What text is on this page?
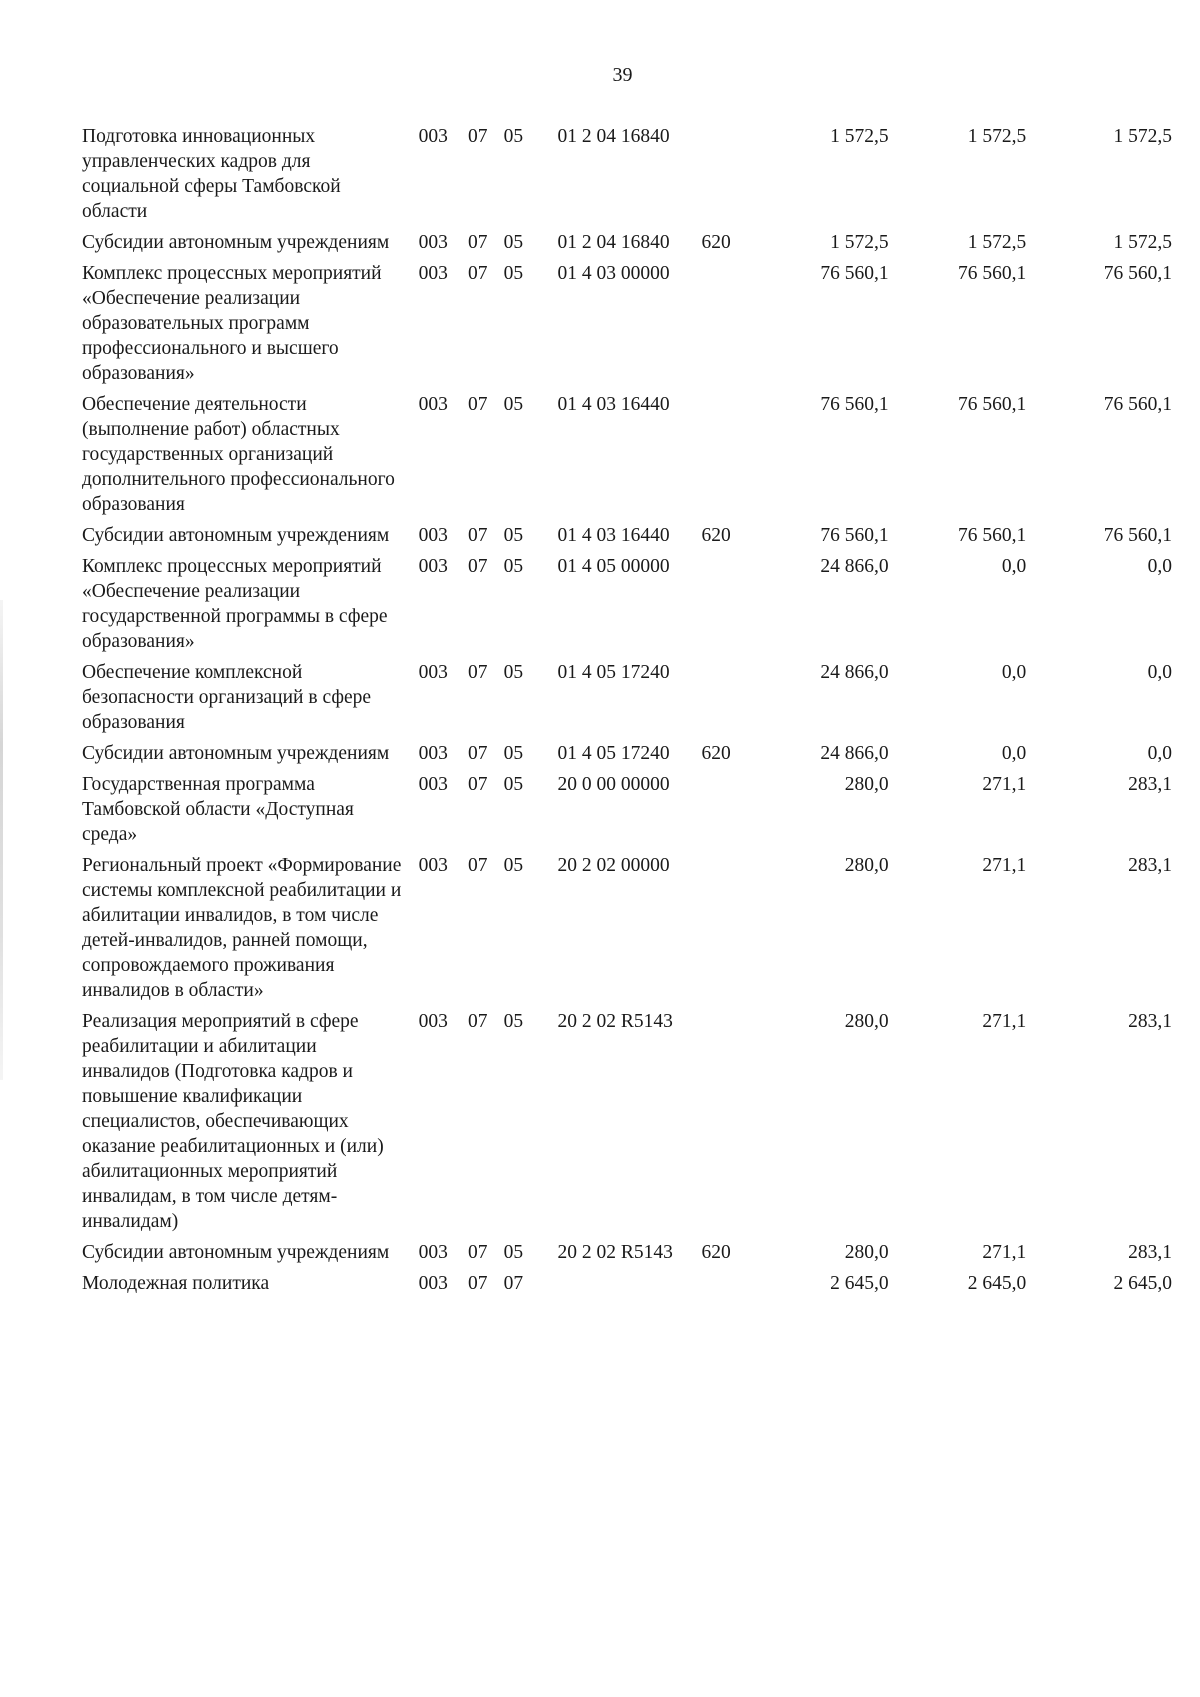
39
Подготовка инновационных управленческих кадров для социальной сферы Тамбовской области	003	07	05	01 2 04 16840		1 572,5	1 572,5	1 572,5
Субсидии автономным учреждениям	003	07	05	01 2 04 16840	620	1 572,5	1 572,5	1 572,5
Комплекс процессных мероприятий «Обеспечение реализации образовательных программ профессионального и высшего образования»	003	07	05	01 4 03 00000		76 560,1	76 560,1	76 560,1
Обеспечение деятельности (выполнение работ) областных государственных организаций дополнительного профессионального образования	003	07	05	01 4 03 16440		76 560,1	76 560,1	76 560,1
Субсидии автономным учреждениям	003	07	05	01 4 03 16440	620	76 560,1	76 560,1	76 560,1
Комплекс процессных мероприятий «Обеспечение реализации государственной программы в сфере образования»	003	07	05	01 4 05 00000		24 866,0	0,0	0,0
Обеспечение комплексной безопасности организаций в сфере образования	003	07	05	01 4 05 17240		24 866,0	0,0	0,0
Субсидии автономным учреждениям	003	07	05	01 4 05 17240	620	24 866,0	0,0	0,0
Государственная программа Тамбовской области «Доступная среда»	003	07	05	20 0 00 00000		280,0	271,1	283,1
Региональный проект «Формирование системы комплексной реабилитации и абилитации инвалидов, в том числе детей-инвалидов, ранней помощи, сопровождаемого проживания инвалидов в области»	003	07	05	20 2 02 00000		280,0	271,1	283,1
Реализация мероприятий в сфере реабилитации и абилитации инвалидов (Подготовка кадров и повышение квалификации специалистов, обеспечивающих оказание реабилитационных и (или) абилитационных мероприятий инвалидам, в том числе детям-инвалидам)	003	07	05	20 2 02 R5143		280,0	271,1	283,1
Субсидии автономным учреждениям	003	07	05	20 2 02 R5143	620	280,0	271,1	283,1
Молодежная политика	003	07	07			2 645,0	2 645,0	2 645,0
